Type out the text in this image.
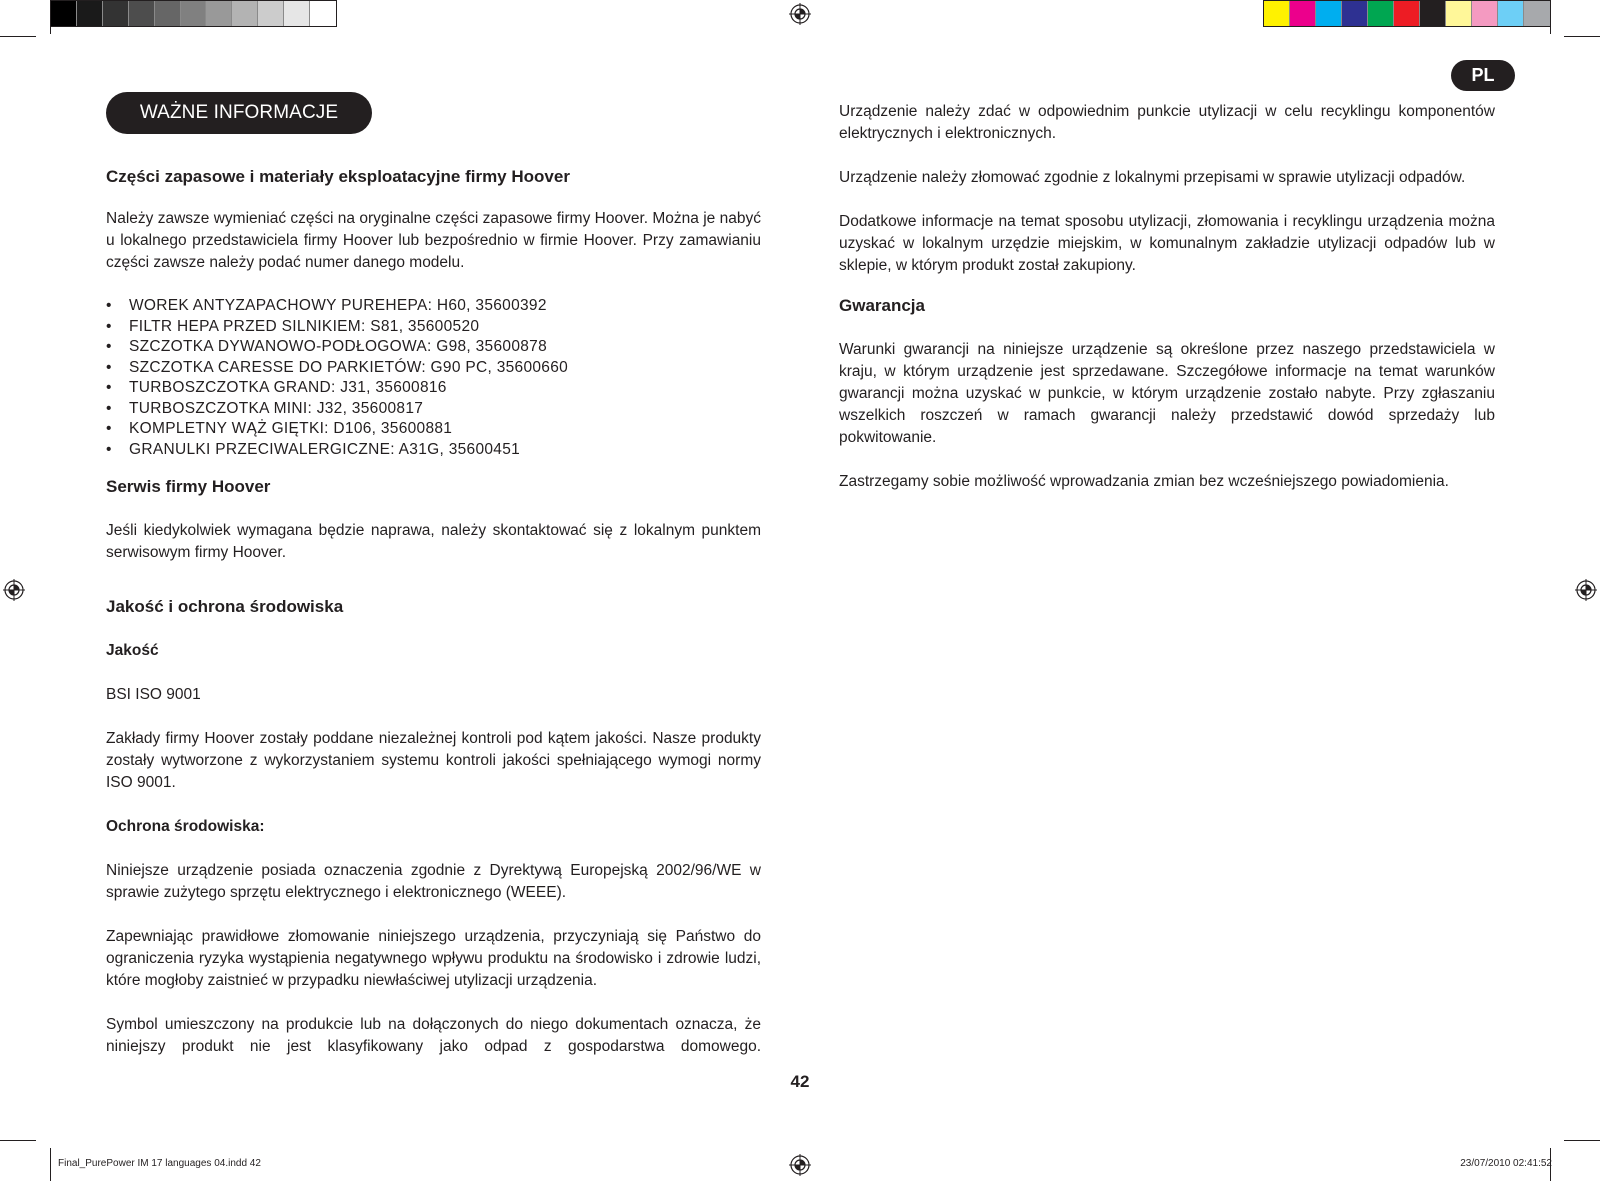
WAŻNE INFORMACJE
PL
Części zapasowe i materiały eksploatacyjne firmy Hoover

Należy zawsze wymieniać części na oryginalne części zapasowe firmy Hoover. Można je nabyć u lokalnego przedstawiciela firmy Hoover lub bezpośrednio w firmie Hoover. Przy zamawianiu części zawsze należy podać numer danego modelu.

• WOREK ANTYZAPACHOWY PUREHEPA: H60, 35600392
• FILTR HEPA PRZED SILNIKIEM: S81, 35600520
• SZCZOTKA DYWANOWO-PODŁOGOWA: G98, 35600878
• SZCZOTKA CARESSE DO PARKIETÓW: G90 PC, 35600660
• TURBOSZCZOTKA GRAND: J31, 35600816
• TURBOSZCZOTKA MINI: J32, 35600817
• KOMPLETNY WĄŻ GIĘTKI: D106, 35600881
• GRANULKI PRZECIWALERGICZNE: A31G, 35600451
Serwis firmy Hoover

Jeśli kiedykolwiek wymagana będzie naprawa, należy skontaktować się z lokalnym punktem serwisowym firmy Hoover.

Jakość i ochrona środowiska
Jakość

BSI ISO 9001

Zakłady firmy Hoover zostały poddane niezależnej kontroli pod kątem jakości. Nasze produkty zostały wytworzone z wykorzystaniem systemu kontroli jakości spełniającego wymogi normy ISO 9001.

Ochrona środowiska:

Niniejsze urządzenie posiada oznaczenia zgodnie z Dyrektywą Europejską 2002/96/WE w sprawie zużytego sprzętu elektrycznego i elektronicznego (WEEE).

Zapewniając prawidłowe złomowanie niniejszego urządzenia, przyczyniają się Państwo do ograniczenia ryzyka wystąpienia negatywnego wpływu produktu na środowisko i zdrowie ludzi, które mogłoby zaistnieć w przypadku niewłaściwej utylizacji urządzenia.

Symbol umieszczony na produkcie lub na dołączonych do niego dokumentach oznacza, że niniejszy produkt nie jest klasyfikowany jako odpad z gospodarstwa domowego.

Urządzenie należy zdać w odpowiednim punkcie utylizacji w celu recyklingu komponentów elektrycznych i elektronicznych.

Urządzenie należy złomować zgodnie z lokalnymi przepisami w sprawie utylizacji odpadów.

Dodatkowe informacje na temat sposobu utylizacji, złomowania i recyklingu urządzenia można uzyskać w lokalnym urzędzie miejskim, w komunalnym zakładzie utylizacji odpadów lub w sklepie, w którym produkt został zakupiony.

Gwarancja

Warunki gwarancji na niniejsze urządzenie są określone przez naszego przedstawiciela w kraju, w którym urządzenie jest sprzedawane. Szczegółowe informacje na temat warunków gwarancji można uzyskać w punkcie, w którym urządzenie zostało nabyte. Przy zgłaszaniu wszelkich roszczeń w ramach gwarancji należy przedstawić dowód sprzedaży lub pokwitowanie.

Zastrzegamy sobie możliwość wprowadzania zmian bez wcześniejszego powiadomienia.

42
Final_PurePower IM 17 languages 04.indd 42	23/07/2010 02:41:52
